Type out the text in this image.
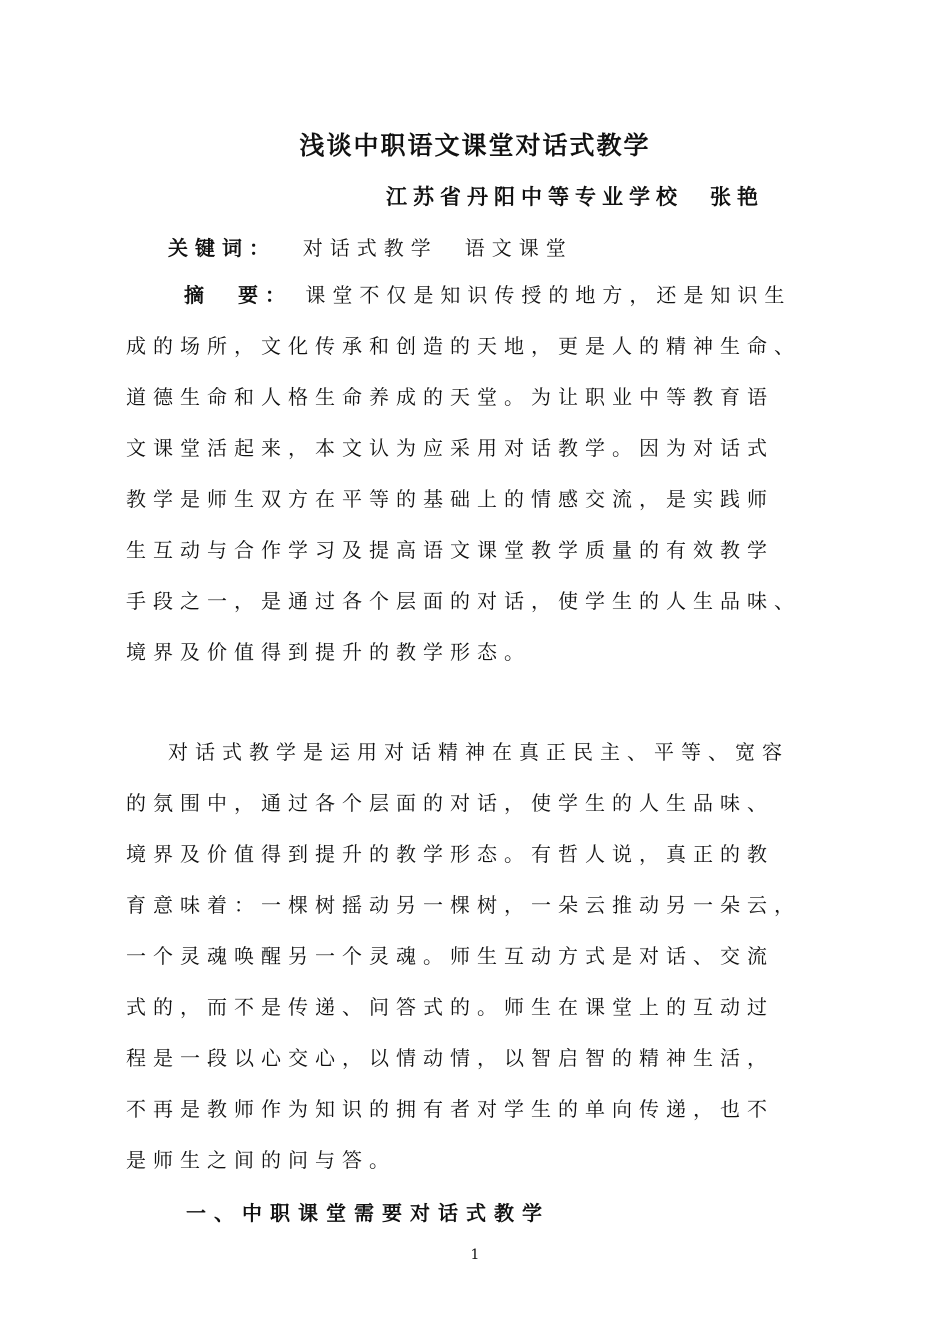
浅谈中职语文课堂对话式教学
江苏省丹阳中等专业学校　张艳
关键词： 对话式教学　语文课堂
摘　要： 课堂不仅是知识传授的地方，还是知识生
成的场所，文化传承和创造的天地，更是人的精神生命、
道德生命和人格生命养成的天堂。为让职业中等教育语
文课堂活起来，本文认为应采用对话教学。因为对话式
教学是师生双方在平等的基础上的情感交流，是实践师
生互动与合作学习及提高语文课堂教学质量的有效教学
手段之一，是通过各个层面的对话，使学生的人生品味、
境界及价值得到提升的教学形态。
对话式教学是运用对话精神在真正民主、平等、宽容
的氛围中，通过各个层面的对话，使学生的人生品味、
境界及价值得到提升的教学形态。有哲人说，真正的教
育意味着：一棵树摇动另一棵树，一朵云推动另一朵云，
一个灵魂唤醒另一个灵魂。师生互动方式是对话、交流
式的，而不是传递、问答式的。师生在课堂上的互动过
程是一段以心交心，以情动情，以智启智的精神生活，
不再是教师作为知识的拥有者对学生的单向传递，也不
是师生之间的问与答。
一、中职课堂需要对话式教学
1
